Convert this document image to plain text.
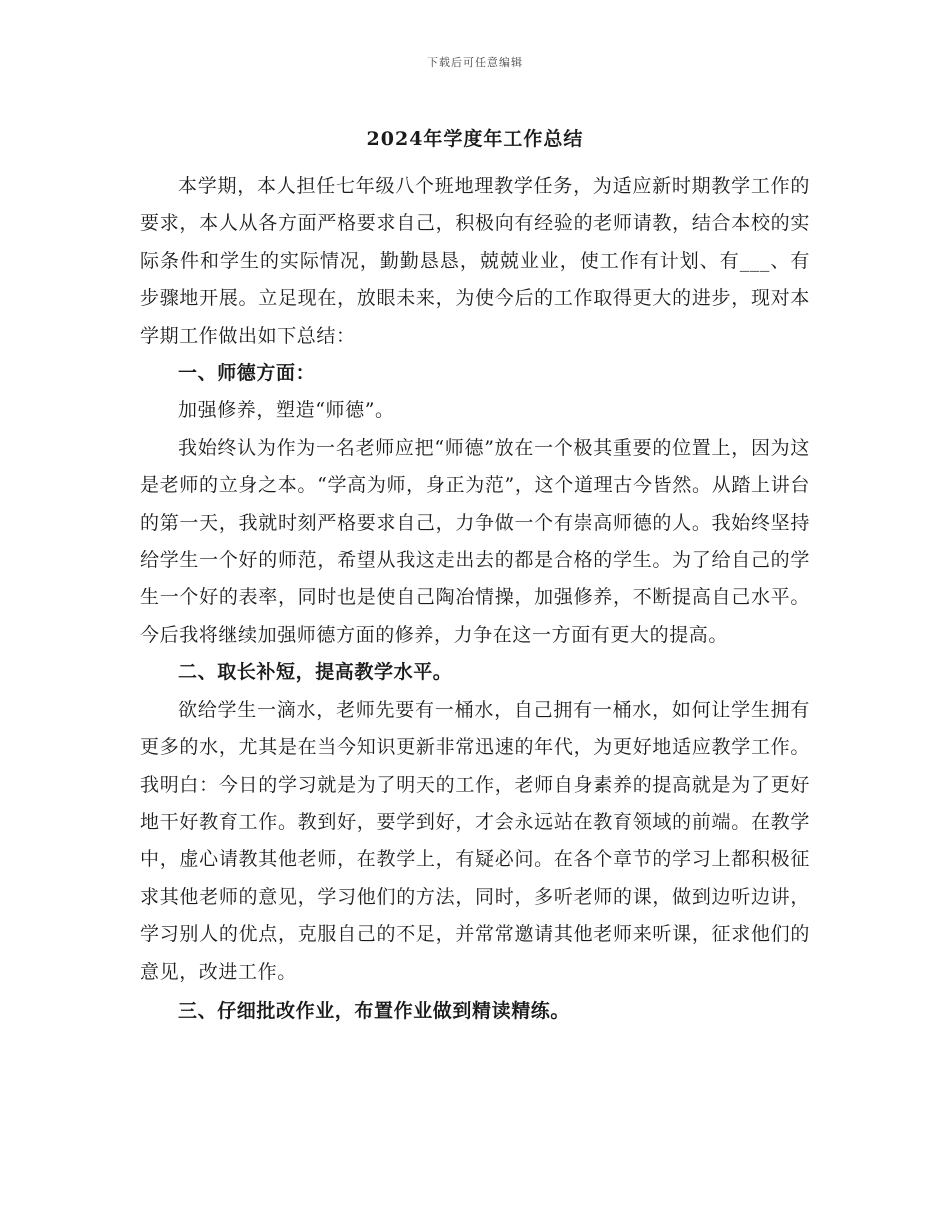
下载后可任意编辑
2024年学度年工作总结

本学期，本人担任七年级八个班地理教学任务，为适应新时期教学工作的要求，本人从各方面严格要求自己，积极向有经验的老师请教，结合本校的实际条件和学生的实际情况，勤勤恳恳，兢兢业业，使工作有计划、有___、有步骤地开展。立足现在，放眼未来，为使今后的工作取得更大的进步，现对本学期工作做出如下总结：

一、师德方面：

加强修养，塑造“师德”。

我始终认为作为一名老师应把“师德”放在一个极其重要的位置上，因为这是老师的立身之本。“学高为师，身正为范”，这个道理古今皆然。从踏上讲台的第一天，我就时刻严格要求自己，力争做一个有崇高师德的人。我始终坚持给学生一个好的师范，希望从我这走出去的都是合格的学生。为了给自己的学生一个好的表率，同时也是使自己陶冶情操，加强修养，不断提高自己水平。今后我将继续加强师德方面的修养，力争在这一方面有更大的提高。

二、取长补短，提高教学水平。

欲给学生一滴水，老师先要有一桶水，自己拥有一桶水，如何让学生拥有更多的水，尤其是在当今知识更新非常迅速的年代，为更好地适应教学工作。我明白：今日的学习就是为了明天的工作，老师自身素养的提高就是为了更好地干好教育工作。教到好，要学到好，才会永远站在教育领域的前端。在教学中，虚心请教其他老师，在教学上，有疑必问。在各个章节的学习上都积极征求其他老师的意见，学习他们的方法，同时，多听老师的课，做到边听边讲，学习别人的优点，克服自己的不足，并常常邀请其他老师来听课，征求他们的意见，改进工作。

三、仔细批改作业，布置作业做到精读精练。
